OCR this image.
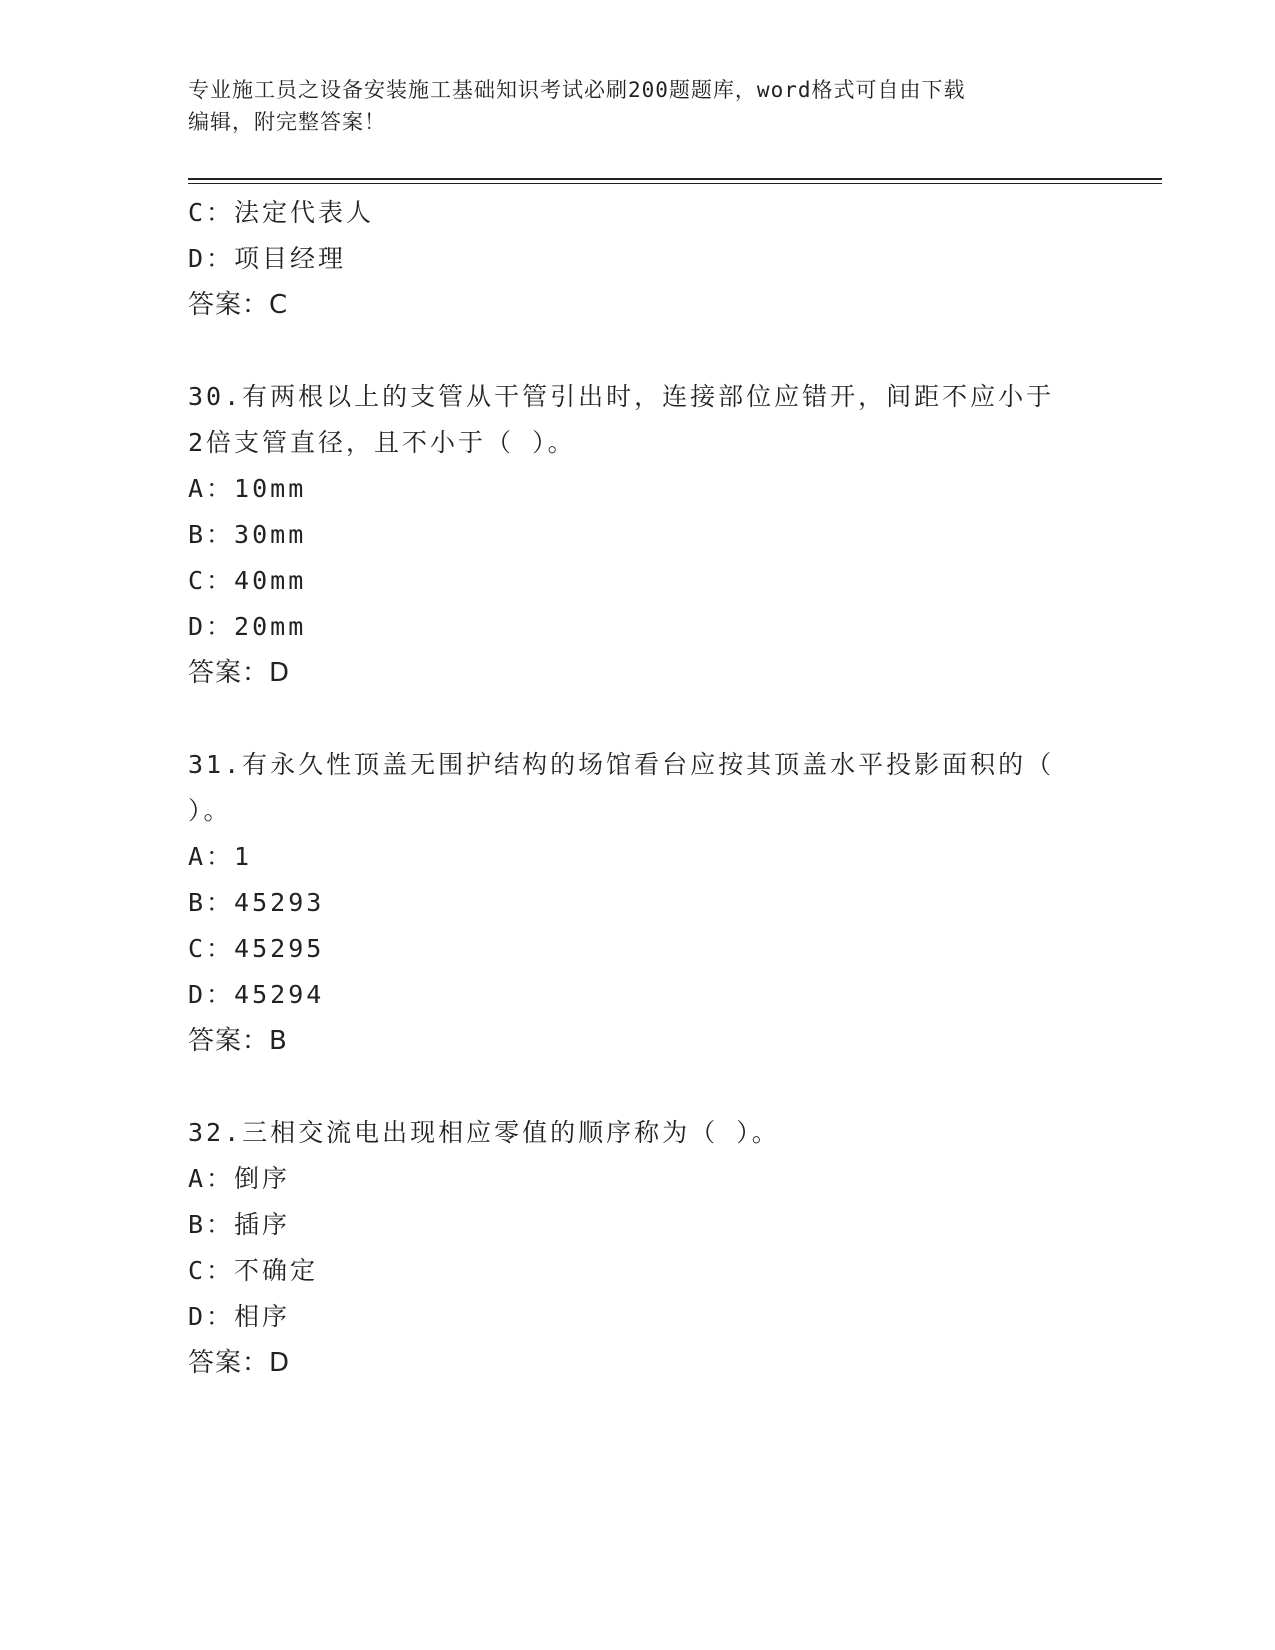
专业施工员之设备安装施工基础知识考试必刷200题题库，word格式可自由下载
编辑，附完整答案！
C：法定代表人
D：项目经理
答案：C
30.有两根以上的支管从干管引出时，连接部位应错开，间距不应小于
2倍支管直径，且不小于（ ）。
A：10mm
B：30mm
C：40mm
D：20mm
答案：D
31.有永久性顶盖无围护结构的场馆看台应按其顶盖水平投影面积的（
）。
A：1
B：45293
C：45295
D：45294
答案：B
32.三相交流电出现相应零值的顺序称为（ ）。
A：倒序
B：插序
C：不确定
D：相序
答案：D
